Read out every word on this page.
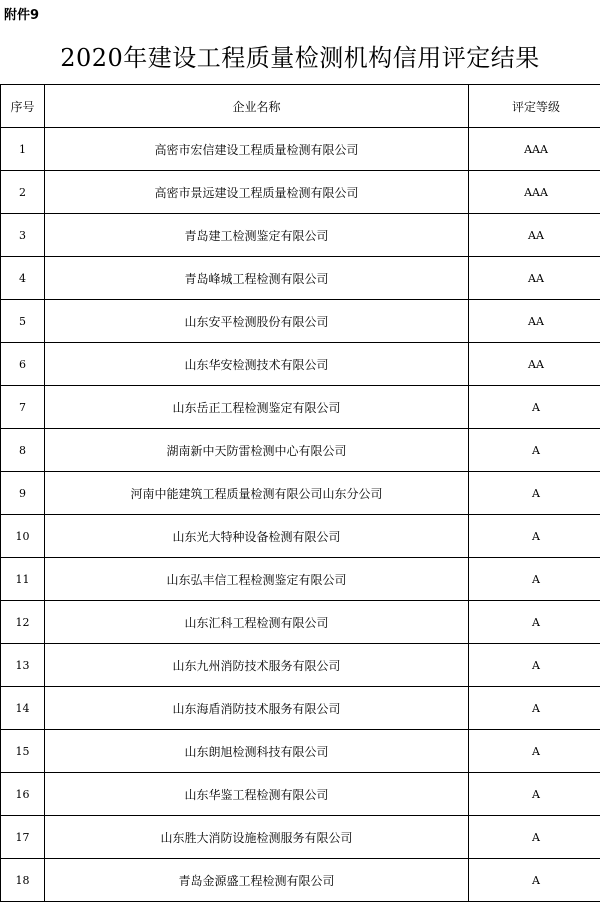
附件9
2020年建设工程质量检测机构信用评定结果
序号	企业名称	评定等级
1	高密市宏信建设工程质量检测有限公司	AAA
2	高密市景远建设工程质量检测有限公司	AAA
3	青岛建工检测鉴定有限公司	AA
4	青岛峰城工程检测有限公司	AA
5	山东安平检测股份有限公司	AA
6	山东华安检测技术有限公司	AA
7	山东岳正工程检测鉴定有限公司	A
8	湖南新中天防雷检测中心有限公司	A
9	河南中能建筑工程质量检测有限公司山东分公司	A
10	山东光大特种设备检测有限公司	A
11	山东弘丰信工程检测鉴定有限公司	A
12	山东汇科工程检测有限公司	A
13	山东九州消防技术服务有限公司	A
14	山东海盾消防技术服务有限公司	A
15	山东朗旭检测科技有限公司	A
16	山东华鉴工程检测有限公司	A
17	山东胜大消防设施检测服务有限公司	A
18	青岛金源盛工程检测有限公司	A
